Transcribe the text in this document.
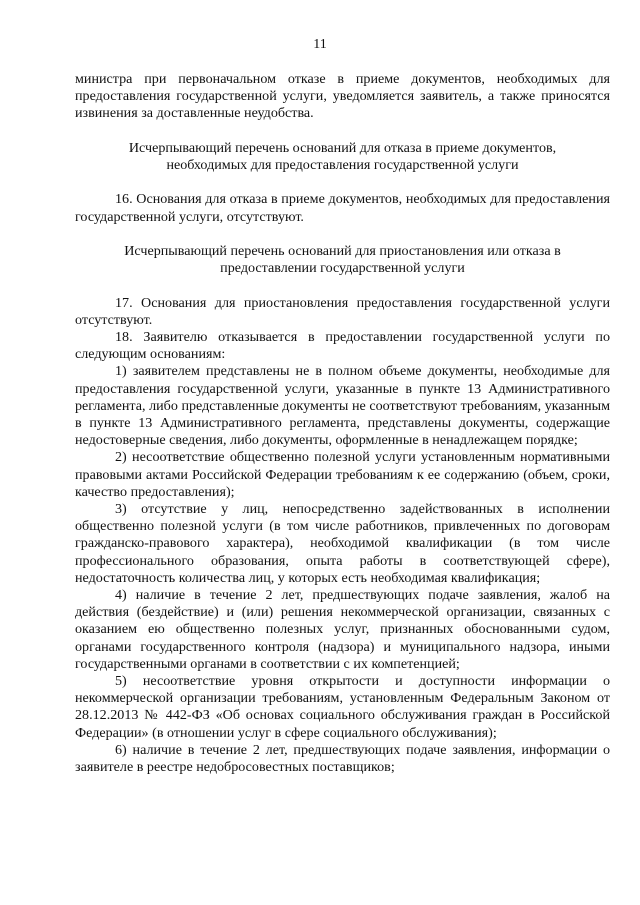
11

министра при первоначальном отказе в приеме документов, необходимых для предоставления государственной услуги, уведомляется заявитель, а также приносятся извинения за доставленные неудобства.

Исчерпывающий перечень оснований для отказа в приеме документов, необходимых для предоставления государственной услуги

16. Основания для отказа в приеме документов, необходимых для предоставления государственной услуги, отсутствуют.

Исчерпывающий перечень оснований для приостановления или отказа в предоставлении государственной услуги

17. Основания для приостановления предоставления государственной услуги отсутствуют.

18. Заявителю отказывается в предоставлении государственной услуги по следующим основаниям:

1) заявителем представлены не в полном объеме документы, необходимые для предоставления государственной услуги, указанные в пункте 13 Административного регламента, либо представленные документы не соответствуют требованиям, указанным в пункте 13 Административного регламента, представлены документы, содержащие недостоверные сведения, либо документы, оформленные в ненадлежащем порядке;

2) несоответствие общественно полезной услуги установленным нормативными правовыми актами Российской Федерации требованиям к ее содержанию (объем, сроки, качество предоставления);

3) отсутствие у лиц, непосредственно задействованных в исполнении общественно полезной услуги (в том числе работников, привлеченных по договорам гражданско-правового характера), необходимой квалификации (в том числе профессионального образования, опыта работы в соответствующей сфере), недостаточность количества лиц, у которых есть необходимая квалификация;

4) наличие в течение 2 лет, предшествующих подаче заявления, жалоб на действия (бездействие) и (или) решения некоммерческой организации, связанных с оказанием ею общественно полезных услуг, признанных обоснованными судом, органами государственного контроля (надзора) и муниципального надзора, иными государственными органами в соответствии с их компетенцией;

5) несоответствие уровня открытости и доступности информации о некоммерческой организации требованиям, установленным Федеральным Законом от 28.12.2013 № 442-ФЗ «Об основах социального обслуживания граждан в Российской Федерации» (в отношении услуг в сфере социального обслуживания);

6) наличие в течение 2 лет, предшествующих подаче заявления, информации о заявителе в реестре недобросовестных поставщиков;
